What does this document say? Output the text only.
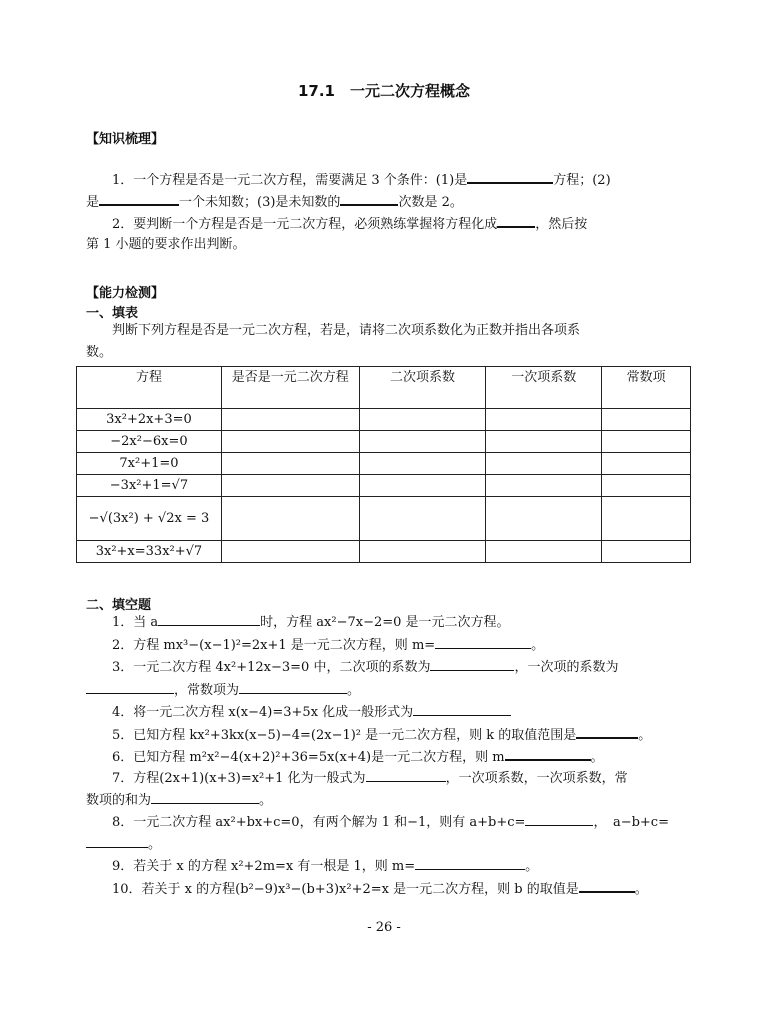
17.1　一元二次方程概念
【知识梳理】
1．一个方程是否是一元二次方程，需要满足 3 个条件：(1)是	方程；(2)
是	一个未知数；(3)是未知数的	次数是 2。
2．要判断一个方程是否是一元二次方程，必须熟练掌握将方程化成	，然后按
第 1 小题的要求作出判断。
【能力检测】
一、填表
判断下列方程是否是一元二次方程，若是，请将二次项系数化为正数并指出各项系
数。
方程	是否是一元二次方程	二次项系数	一次项系数	常数项
3x²+2x+3=0				
−2x²−6x=0				
7x²+1=0				
−3x²+1=√7				
−√(3x²) + √2x = 3				
3x²+x=33x²+√7				
二、填空题
1．当 a	时，方程 ax²−7x−2=0 是一元二次方程。
2．方程 mx³−(x−1)²=2x+1 是一元二次方程，则 m=	。
3．一元二次方程 4x²+12x−3=0 中，二次项的系数为	，一次项的系数为
，常数项为	。
4．将一元二次方程 x(x−4)=3+5x 化成一般形式为
5．已知方程 kx²+3kx(x−5)−4=(2x−1)² 是一元二次方程，则 k 的取值范围是	。
6．已知方程 m²x²−4(x+2)²+36=5x(x+4)是一元二次方程，则 m	。
7．方程(2x+1)(x+3)=x²+1 化为一般式为	，一次项系数，一次项系数，常
数项的和为	。
8．一元二次方程 ax²+bx+c=0，有两个解为 1 和−1，则有 a+b+c=	，　a−b+c=
。
9．若关于 x 的方程 x²+2m=x 有一根是 1，则 m=	。
10．若关于 x 的方程(b²−9)x³−(b+3)x²+2=x 是一元二次方程，则 b 的取值是	。
- 26 -
